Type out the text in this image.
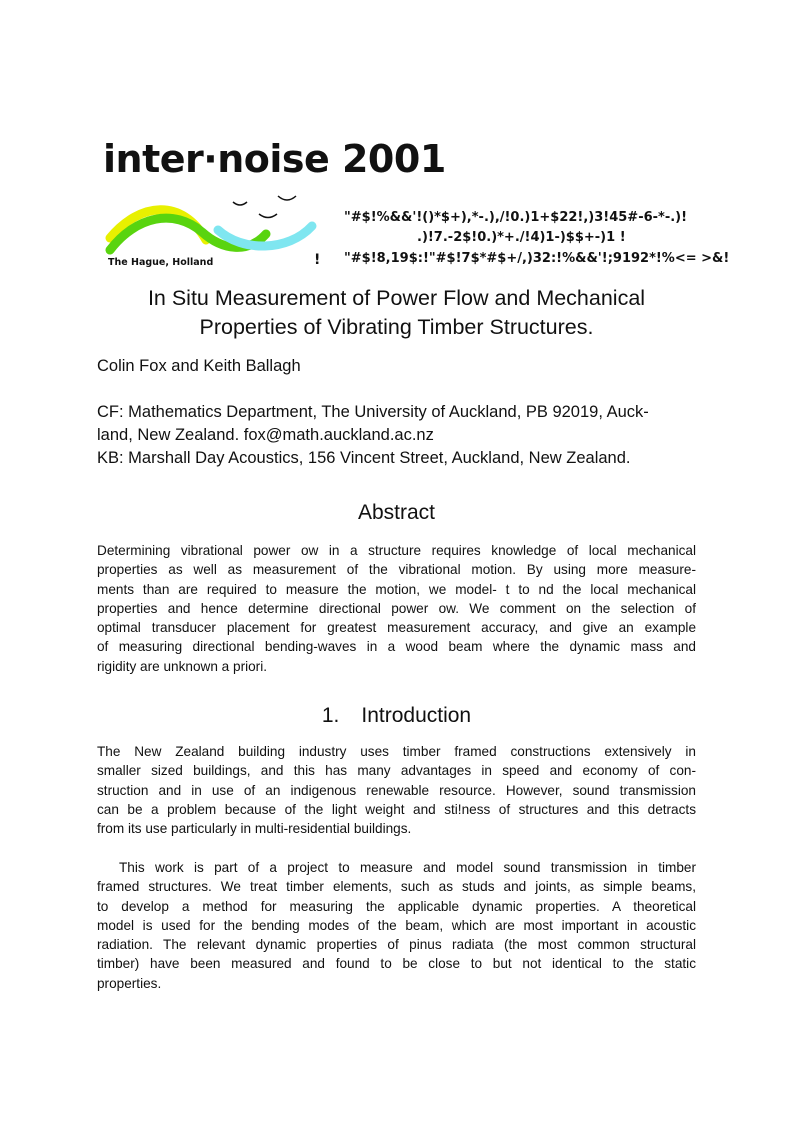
inter·noise 2001
The Hague, Holland	!
"#$!%&&'!()*$+),*-.),/!0.)1+$22!,)3!45#-6-*-.)!
.)!7.-2$!0.)*+./!4)1-)$$+-)1 !
"#$!8,19$:!"#$!7$*#$+/,)32:!%&&'!;9192*!%<= >&!
In Situ Measurement of Power Flow and Mechanical
Properties of Vibrating Timber Structures.
Colin Fox and Keith Ballagh
CF: Mathematics Department, The University of Auckland, PB 92019, Auck-
land, New Zealand. fox@math.auckland.ac.nz
KB: Marshall Day Acoustics, 156 Vincent Street, Auckland, New Zealand.
Abstract
Determining vibrational power ow in a structure requires knowledge of local mechanical
properties as well as measurement of the vibrational motion. By using more measure-
ments than are required to measure the motion, we model- t to nd the local mechanical
properties and hence determine directional power ow. We comment on the selection of
optimal transducer placement for greatest measurement accuracy, and give an example
of measuring directional bending-waves in a wood beam where the dynamic mass and
rigidity are unknown a priori.
1. Introduction
The New Zealand building industry uses timber framed constructions extensively in
smaller sized buildings, and this has many advantages in speed and economy of con-
struction and in use of an indigenous renewable resource. However, sound transmission
can be a problem because of the light weight and sti!ness of structures and this detracts
from its use particularly in multi-residential buildings.
This work is part of a project to measure and model sound transmission in timber
framed structures. We treat timber elements, such as studs and joints, as simple beams,
to develop a method for measuring the applicable dynamic properties. A theoretical
model is used for the bending modes of the beam, which are most important in acoustic
radiation. The relevant dynamic properties of pinus radiata (the most common structural
timber) have been measured and found to be close to but not identical to the static
properties.
